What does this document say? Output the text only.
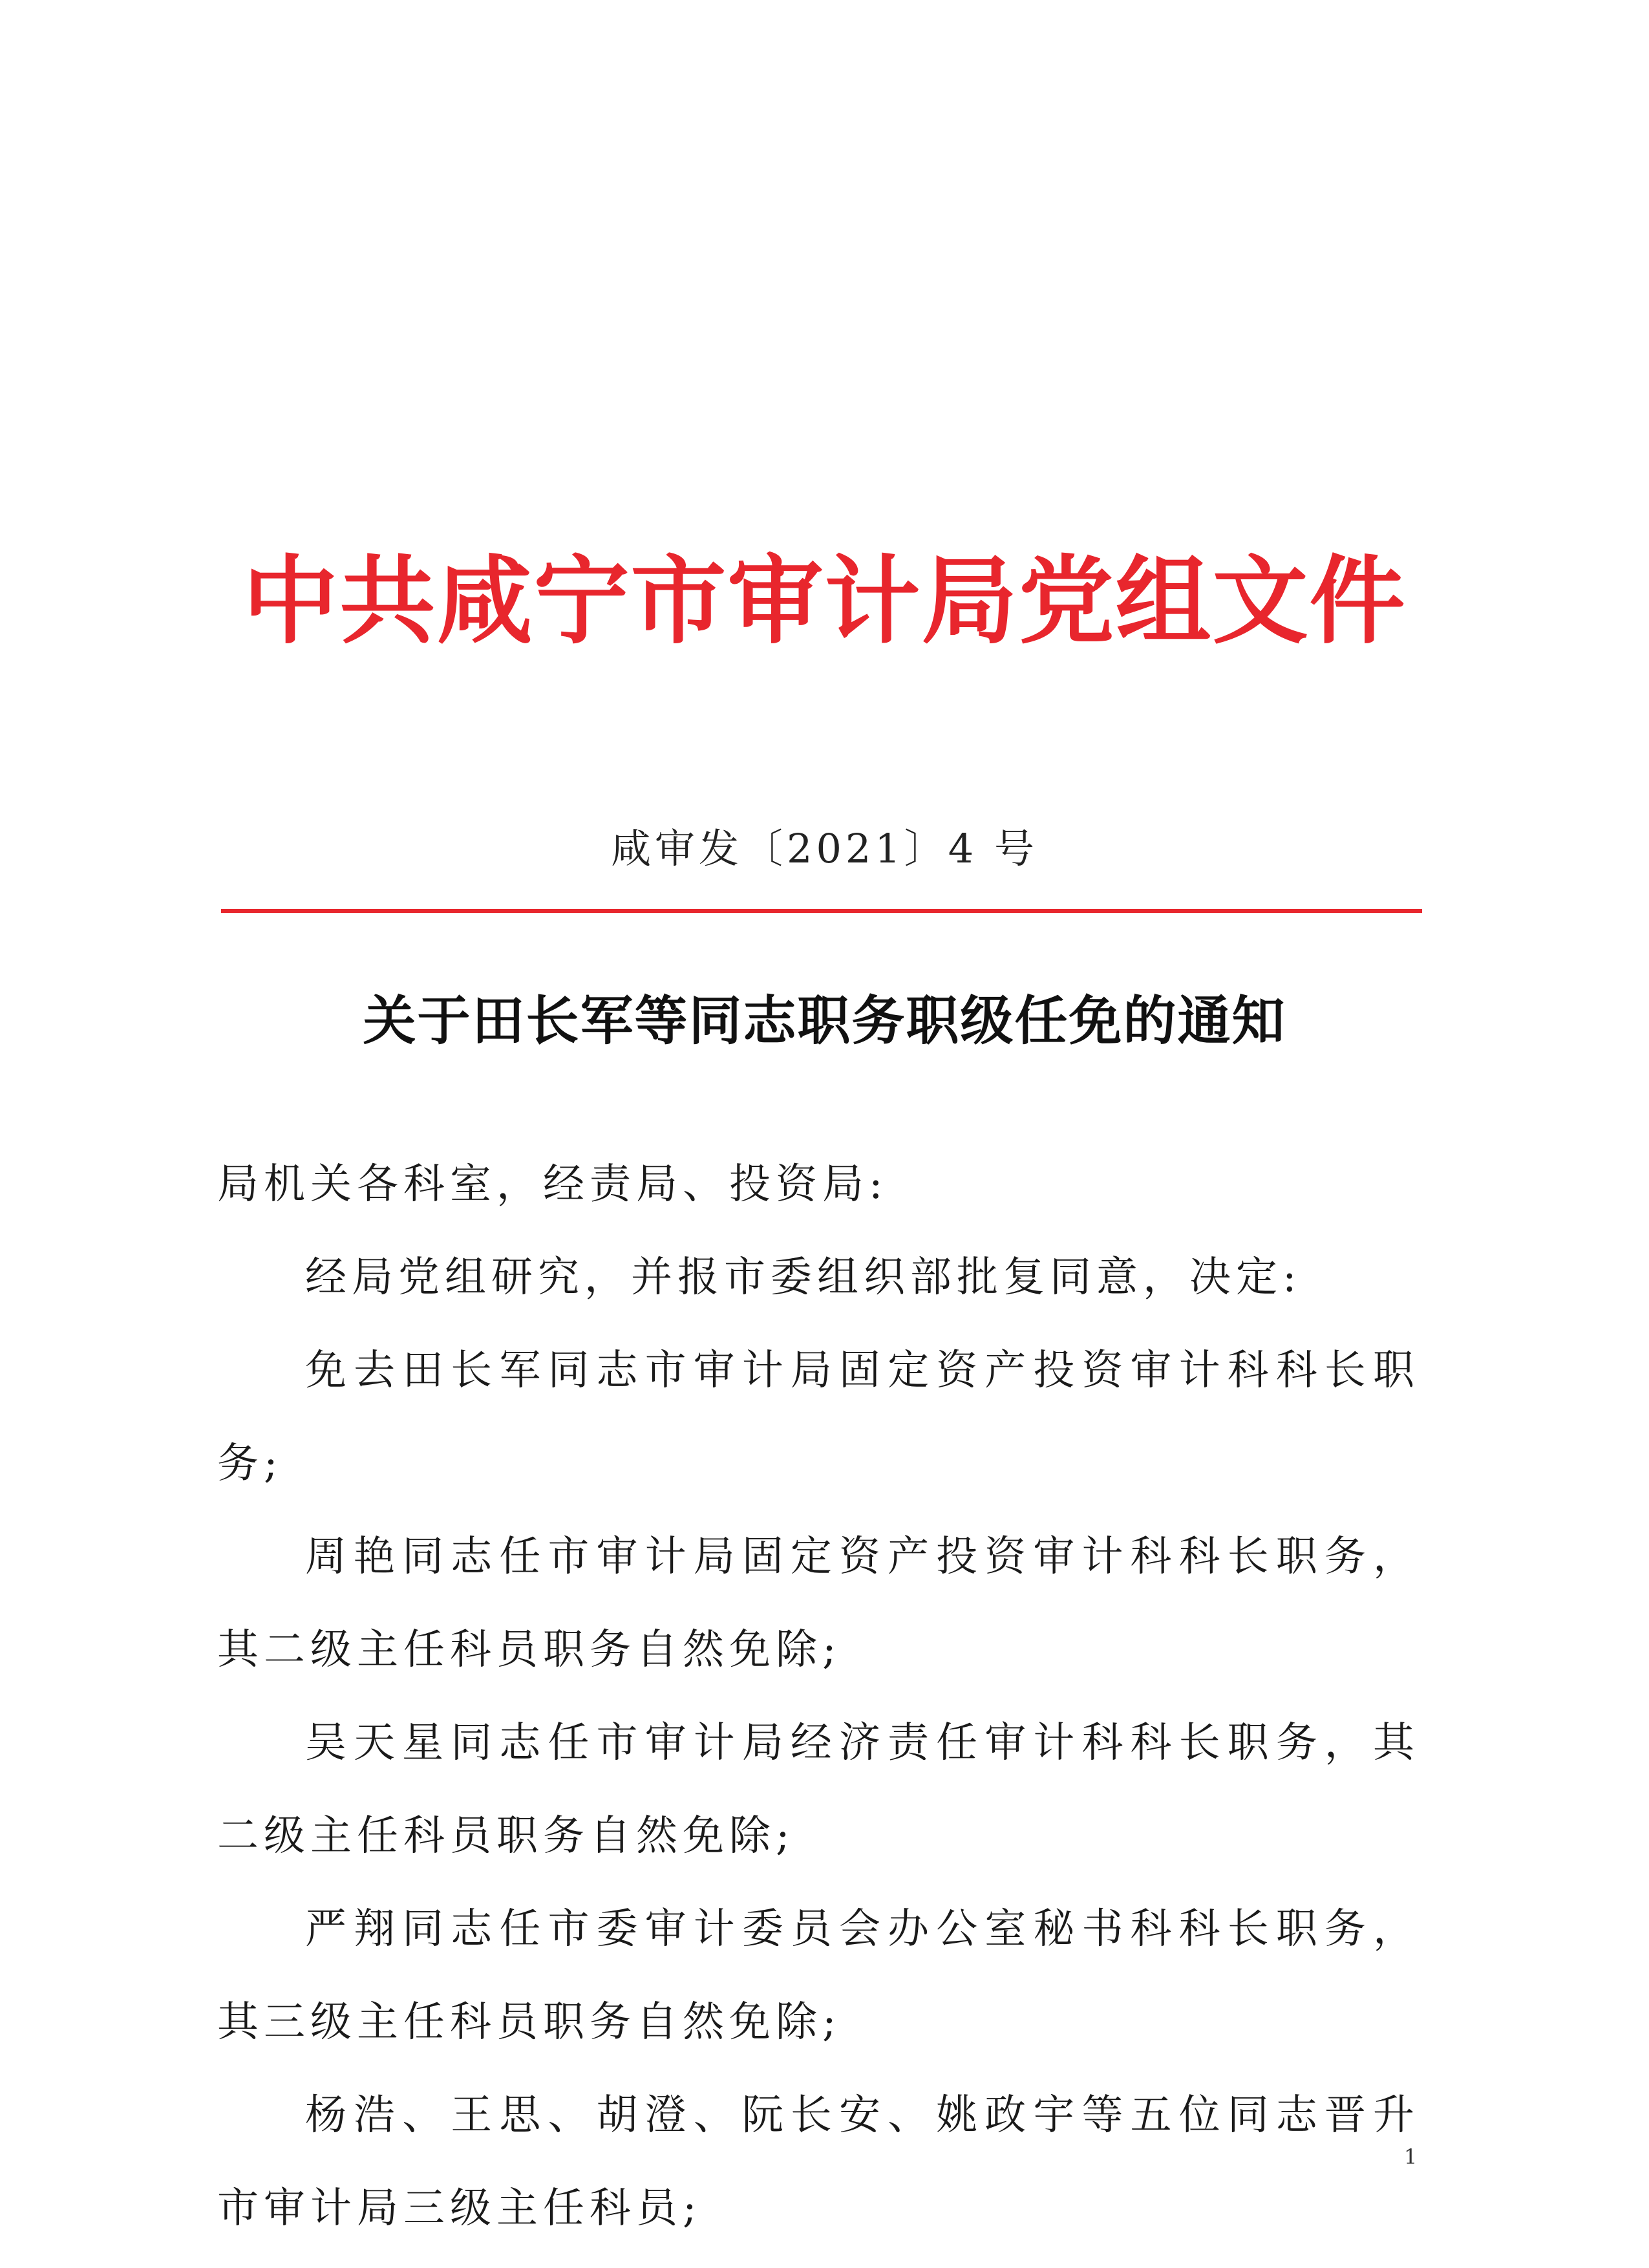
中共咸宁市审计局党组文件
咸审发〔2021〕4 号
关于田长军等同志职务职级任免的通知
局机关各科室，经责局、投资局:

经局党组研究，并报市委组织部批复同意，决定:

免去田长军同志市审计局固定资产投资审计科科长职务;

周艳同志任市审计局固定资产投资审计科科长职务，其二级主任科员职务自然免除;

吴天星同志任市审计局经济责任审计科科长职务，其二级主任科员职务自然免除;

严翔同志任市委审计委员会办公室秘书科科长职务，其三级主任科员职务自然免除;

杨浩、王思、胡澄、阮长安、姚政宇等五位同志晋升市审计局三级主任科员;

1
